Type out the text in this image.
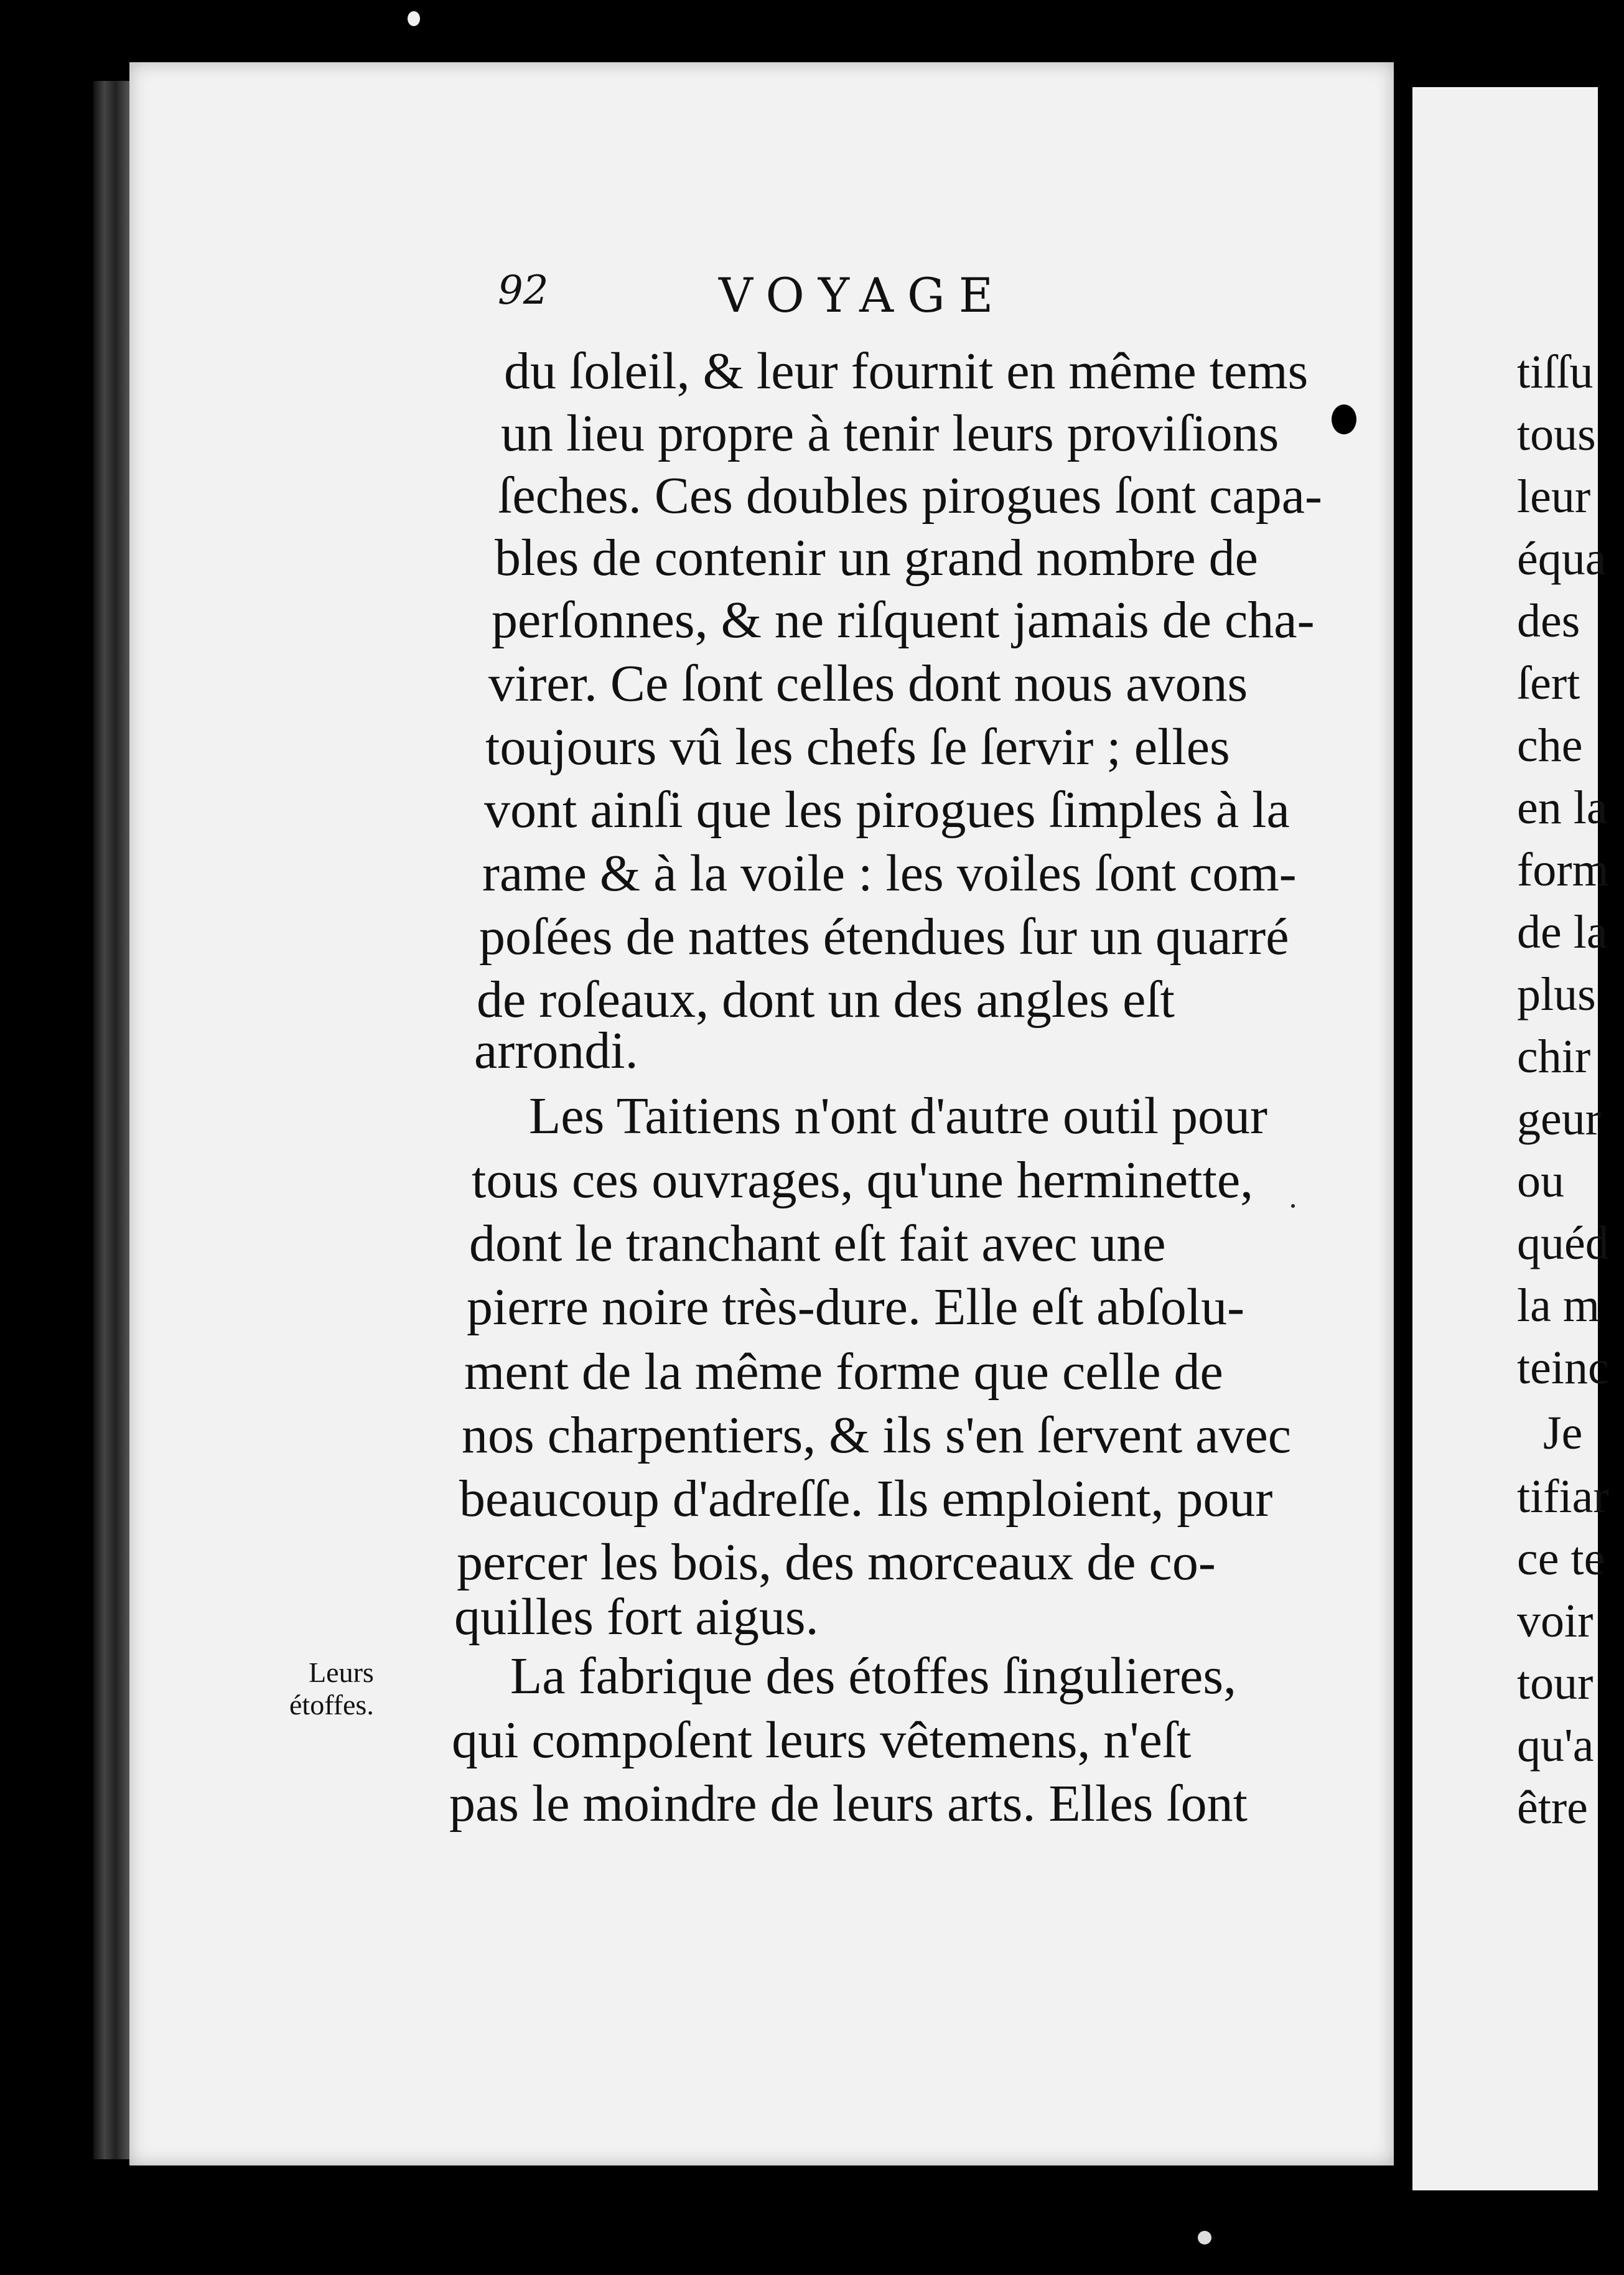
92	VOYAGE
du ſoleil, & leur fournit en même tems
un lieu propre à tenir leurs proviſions
ſeches. Ces doubles pirogues ſont capa-
bles de contenir un grand nombre de
perſonnes, & ne riſquent jamais de cha-
virer. Ce ſont celles dont nous avons
toujours vû les chefs ſe ſervir ; elles
vont ainſi que les pirogues ſimples à la
rame & à la voile : les voiles ſont com-
poſées de nattes étendues ſur un quarré
de roſeaux, dont un des angles eſt
arrondi.
Les Taitiens n'ont d'autre outil pour
tous ces ouvrages, qu'une herminette,
dont le tranchant eſt fait avec une
pierre noire très-dure. Elle eſt abſolu-
ment de la même forme que celle de
nos charpentiers, & ils s'en ſervent avec
beaucoup d'adreſſe. Ils emploient, pour
percer les bois, des morceaux de co-
quilles fort aigus.
La fabrique des étoffes ſingulieres,
qui compoſent leurs vêtemens, n'eſt
pas le moindre de leurs arts. Elles ſont
Leurs
étoffes.
tiſſu
tous
leur
équa
des
ſert
che
en la
form
de la
plus
chir
geur
ou
quéd
la m
teinc
Je
tifiar
ce te
voir
tour
qu'a
être
